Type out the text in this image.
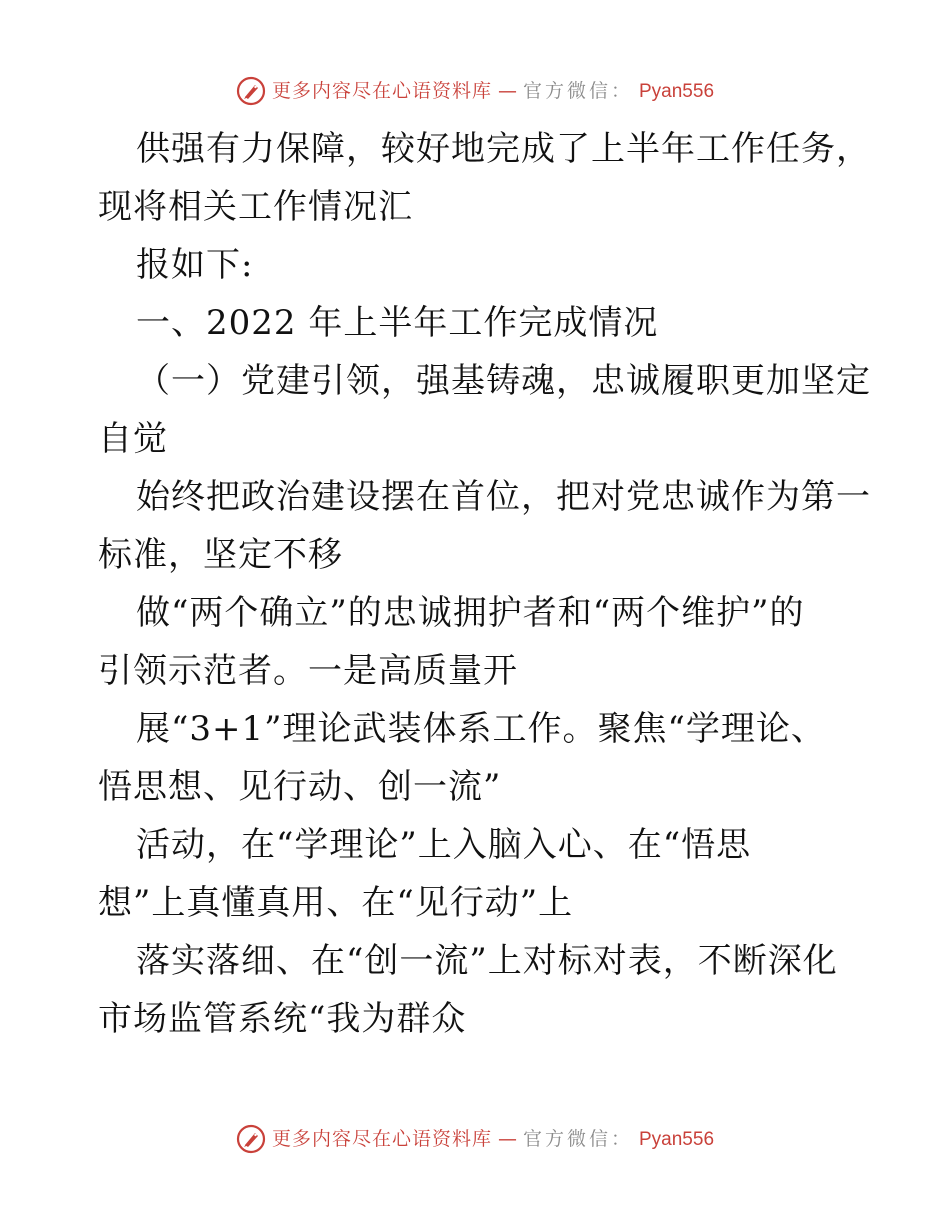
更多内容尽在心语资料库 — 官方微信： Pyan556
供强有力保障，较好地完成了上半年工作任务，
现将相关工作情况汇
报如下:
一、2022 年上半年工作完成情况
（一）党建引领，强基铸魂，忠诚履职更加坚定
自觉
始终把政治建设摆在首位，把对党忠诚作为第一
标准，坚定不移
做“两个确立”的忠诚拥护者和“两个维护”的
引领示范者。一是高质量开
展“3+1”理论武装体系工作。聚焦“学理论、
悟思想、见行动、创一流”
活动，在“学理论”上入脑入心、在“悟思
想”上真懂真用、在“见行动”上
落实落细、在“创一流”上对标对表，不断深化
市场监管系统“我为群众
更多内容尽在心语资料库 — 官方微信： Pyan556
